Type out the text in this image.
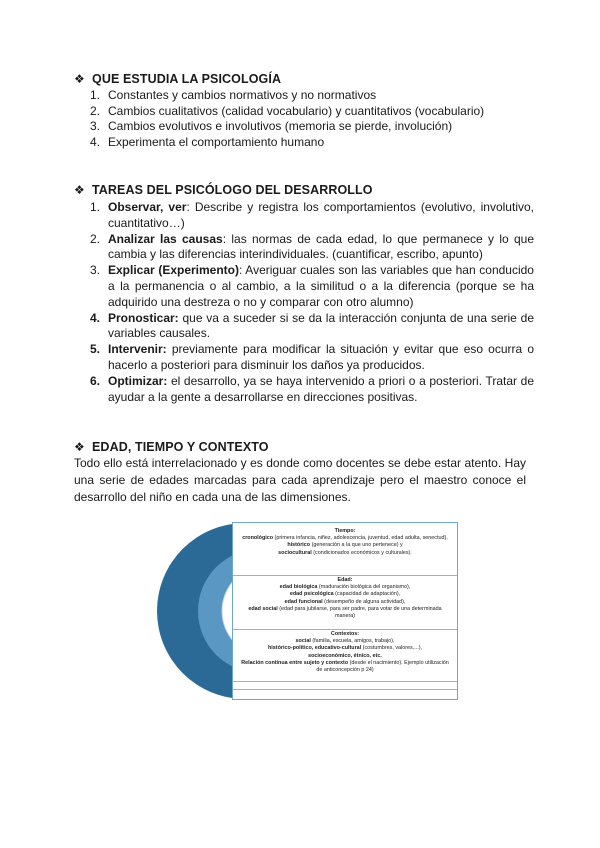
❖ QUE ESTUDIA LA PSICOLOGÍA
1. Constantes y cambios normativos y no normativos
2. Cambios cualitativos (calidad vocabulario) y cuantitativos (vocabulario)
3. Cambios evolutivos e involutivos (memoria se pierde, involución)
4. Experimenta el comportamiento humano
❖ TAREAS DEL PSICÓLOGO DEL DESARROLLO
1. Observar, ver: Describe y registra los comportamientos (evolutivo, involutivo, cuantitativo…)
2. Analizar las causas: las normas de cada edad, lo que permanece y lo que cambia y las diferencias interindividuales. (cuantificar, escribo, apunto)
3. Explicar (Experimento): Averiguar cuales son las variables que han conducido a la permanencia o al cambio, a la similitud o a la diferencia (porque se ha adquirido una destreza o no y comparar con otro alumno)
4. Pronosticar: que va a suceder si se da la interacción conjunta de una serie de variables causales.
5. Intervenir: previamente para modificar la situación y evitar que eso ocurra o hacerlo a posteriori para disminuir los daños ya producidos.
6. Optimizar: el desarrollo, ya se haya intervenido a priori o a posteriori. Tratar de ayudar a la gente a desarrollarse en direcciones positivas.
❖ EDAD, TIEMPO Y CONTEXTO
Todo ello está interrelacionado y es donde como docentes se debe estar atento. Hay una serie de edades marcadas para cada aprendizaje pero el maestro conoce el desarrollo del niño en cada una de las dimensiones.
Tiempo:
cronológico (primera infancia, niñez, adolescencia, juventud, edad adulta, senectud),
histórico (generación a la que uno pertenece) y
sociocultural (condicionados económicos y culturales).
Edad:
edad biológica (maduración biológica del organismo),
edad psicológica (capacidad de adaptación),
edad funcional (desempeño de alguna actividad),
edad social (edad para jubilarse, para ser padre, para votar de una determinada manera)
Contextos:
social (familia, escuela, amigos, trabajo),
histórico-político, educativo-cultural (costumbres, valores,...),
socioeconómico, étnico, etc.
Relación continua entre sujeto y contexto (desde el nacimiento). Ejemplo utilización de anticoncepción p 24)
